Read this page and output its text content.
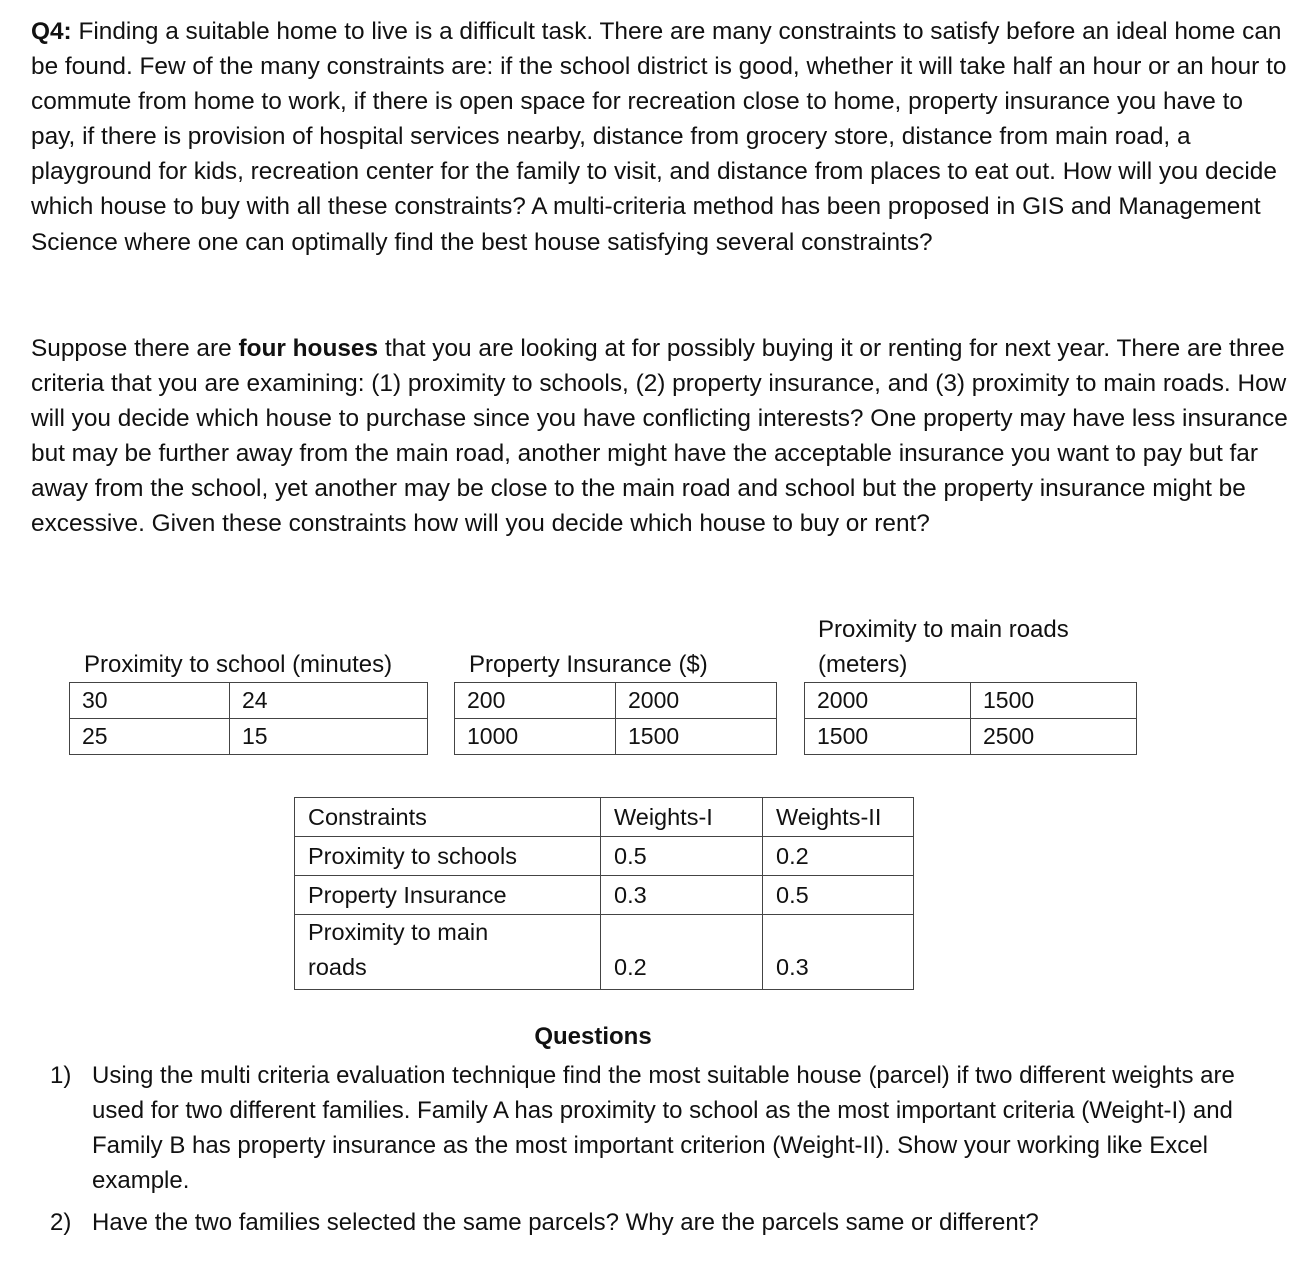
Q4: Finding a suitable home to live is a difficult task. There are many constraints to satisfy before an ideal home can be found. Few of the many constraints are: if the school district is good, whether it will take half an hour or an hour to commute from home to work, if there is open space for recreation close to home, property insurance you have to pay, if there is provision of hospital services nearby, distance from grocery store, distance from main road, a playground for kids, recreation center for the family to visit, and distance from places to eat out. How will you decide which house to buy with all these constraints? A multi-criteria method has been proposed in GIS and Management Science where one can optimally find the best house satisfying several constraints?

Suppose there are four houses that you are looking at for possibly buying it or renting for next year. There are three criteria that you are examining: (1) proximity to schools, (2) property insurance, and (3) proximity to main roads. How will you decide which house to purchase since you have conflicting interests? One property may have less insurance but may be further away from the main road, another might have the acceptable insurance you want to pay but far away from the school, yet another may be close to the main road and school but the property insurance might be excessive. Given these constraints how will you decide which house to buy or rent?

Proximity to school (minutes)
30	24
25	15
Property Insurance ($)
200	2000
1000	1500
Proximity to main roads
(meters)
2000	1500
1500	2500
Constraints	Weights-I	Weights-II
Proximity to schools	0.5	0.2
Property Insurance	0.3	0.5

Proximity to main
roads	0.2	0.3
Questions
1) Using the multi criteria evaluation technique find the most suitable house (parcel) if two different weights are used for two different families. Family A has proximity to school as the most important criteria (Weight-I) and Family B has property insurance as the most important criterion (Weight-II). Show your working like Excel example.
2) Have the two families selected the same parcels? Why are the parcels same or different?
